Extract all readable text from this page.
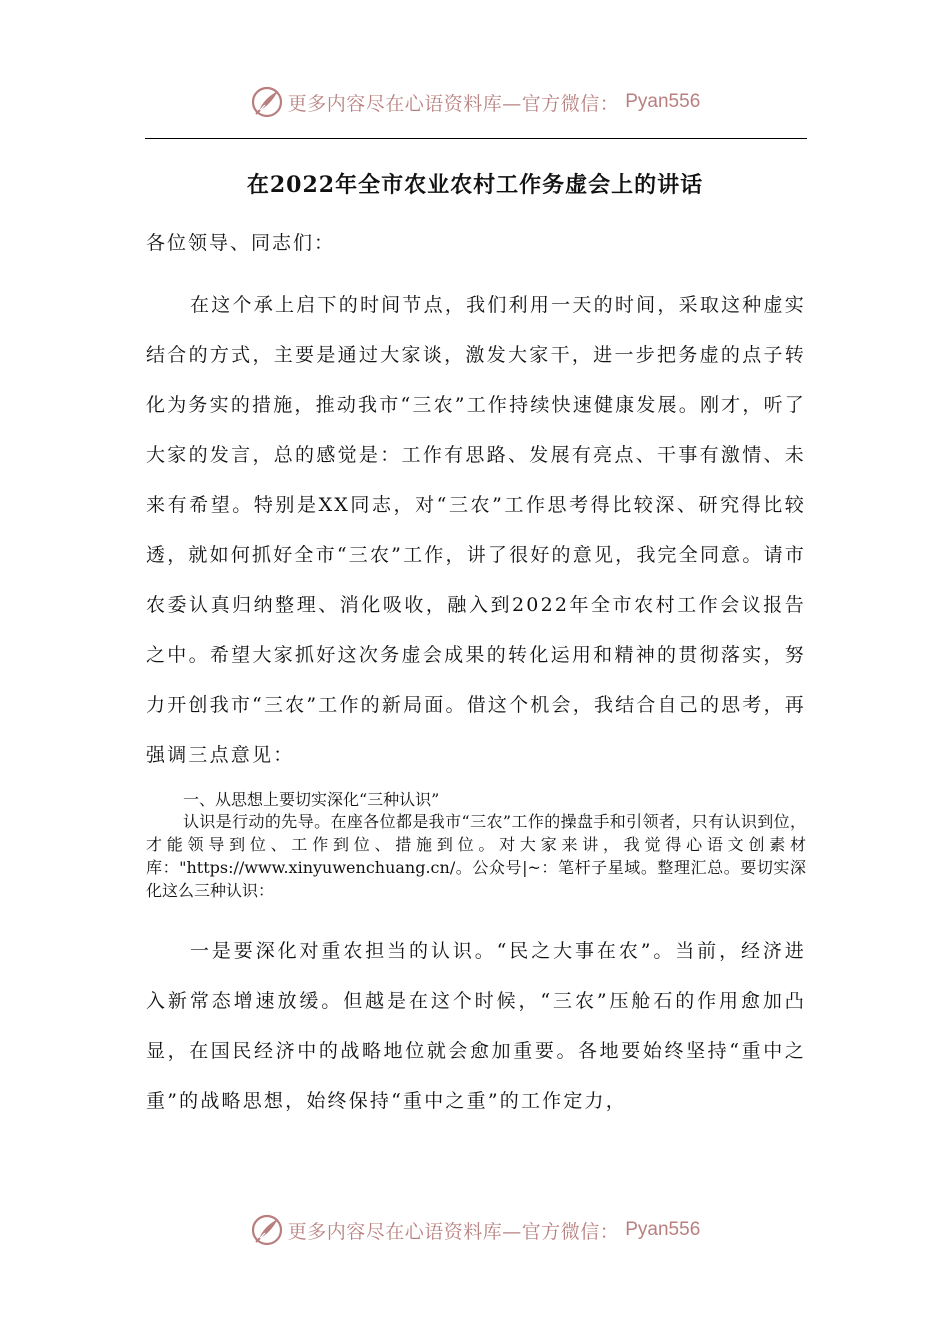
更多内容尽在心语资料库—官方微信： Pyan556
在2022年全市农业农村工作务虚会上的讲话
各位领导、同志们：

在这个承上启下的时间节点，我们利用一天的时间，采取这种虚实结合的方式，主要是通过大家谈，激发大家干，进一步把务虚的点子转化为务实的措施，推动我市“三农”工作持续快速健康发展。刚才，听了大家的发言，总的感觉是：工作有思路、发展有亮点、干事有激情、未来有希望。特别是XX同志，对“三农”工作思考得比较深、研究得比较透，就如何抓好全市“三农”工作，讲了很好的意见，我完全同意。请市农委认真归纳整理、消化吸收，融入到2022年全市农村工作会议报告之中。希望大家抓好这次务虚会成果的转化运用和精神的贯彻落实，努力开创我市“三农”工作的新局面。借这个机会，我结合自己的思考，再强调三点意见：

一、从思想上要切实深化“三种认识”

认识是行动的先导。在座各位都是我市“三农”工作的操盘手和引领者，只有认识到位，才能领导到位、工作到位、措施到位。对大家来讲，我觉得心语文创素材库："https://www.xinyuwenchuang.cn/。公众号|~：笔杆子星域。整理汇总。要切实深化这么三种认识：

一是要深化对重农担当的认识。“民之大事在农”。当前，经济进入新常态增速放缓。但越是在这个时候，“三农”压舱石的作用愈加凸显，在国民经济中的战略地位就会愈加重要。各地要始终坚持“重中之重”的战略思想，始终保持“重中之重”的工作定力，

更多内容尽在心语资料库—官方微信： Pyan556
